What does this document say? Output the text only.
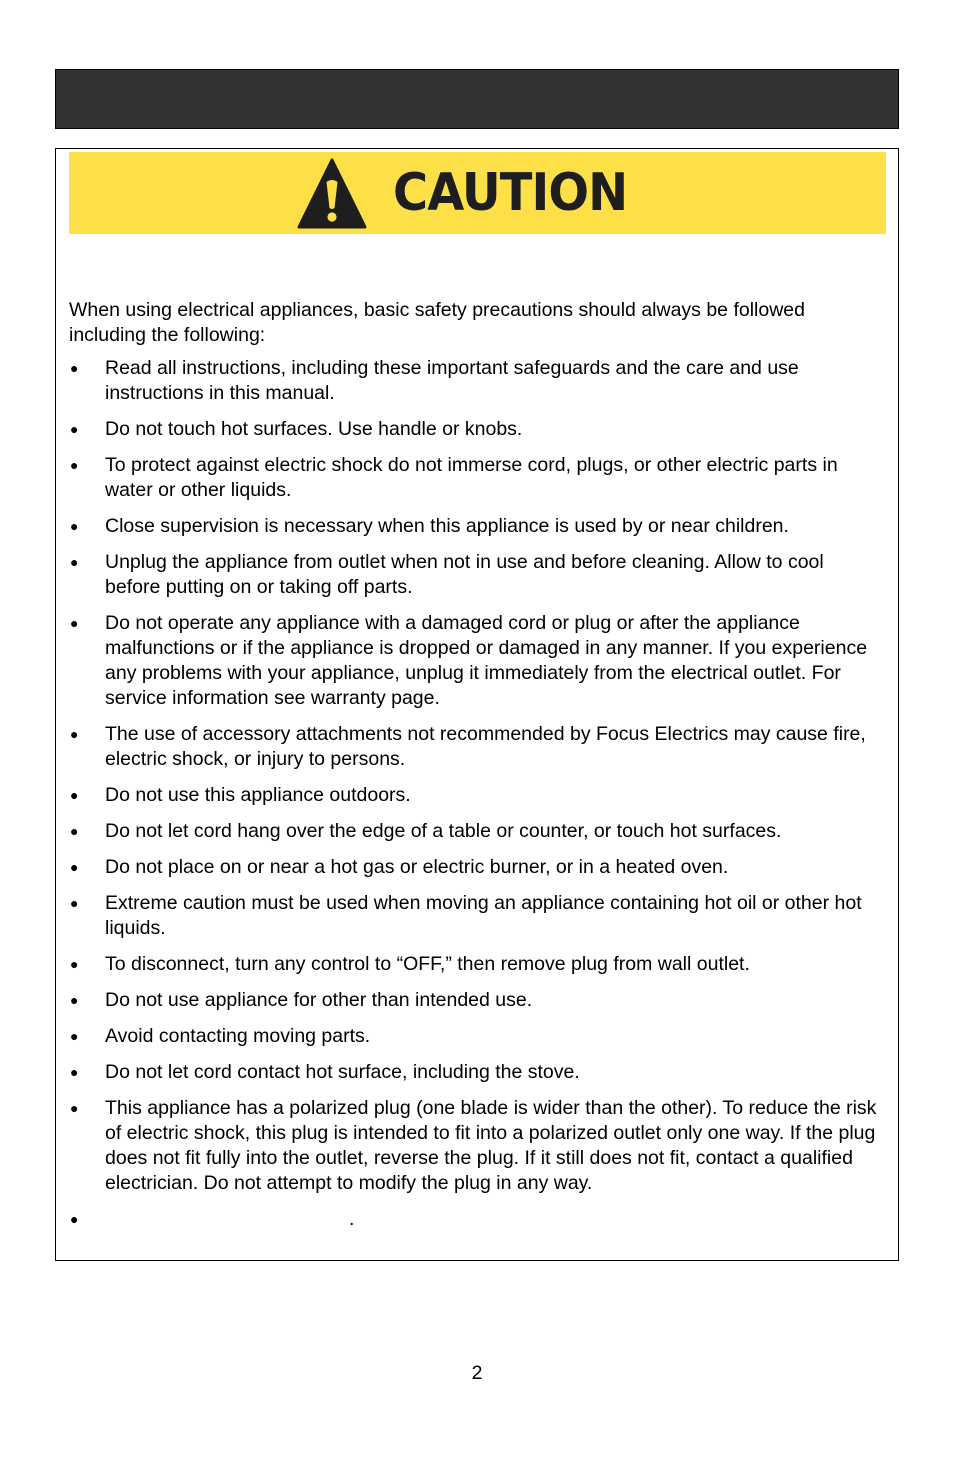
CAUTION
When using electrical appliances, basic safety precautions should always be followed including the following:
●	Read all instructions, including these important safeguards and the care and use instructions in this manual.
●	Do not touch hot surfaces. Use handle or knobs.
●	To protect against electric shock do not immerse cord, plugs, or other electric parts in water or other liquids.
●	Close supervision is necessary when this appliance is used by or near children.
●	Unplug the appliance from outlet when not in use and before cleaning. Allow to cool before putting on or taking off parts.
●	Do not operate any appliance with a damaged cord or plug or after the appliance malfunctions or if the appliance is dropped or damaged in any manner. If you experience any problems with your appliance, unplug it immediately from the electrical outlet. For service information see warranty page.
●	The use of accessory attachments not recommended by Focus Electrics may cause fire, electric shock, or injury to persons.
●	Do not use this appliance outdoors.
●	Do not let cord hang over the edge of a table or counter, or touch hot surfaces.
●	Do not place on or near a hot gas or electric burner, or in a heated oven.
●	Extreme caution must be used when moving an appliance containing hot oil or other hot liquids.
●	To disconnect, turn any control to “OFF,” then remove plug from wall outlet.
●	Do not use appliance for other than intended use.
●	Avoid contacting moving parts.
●	Do not let cord contact hot surface, including the stove.
●	This appliance has a polarized plug (one blade is wider than the other). To reduce the risk of electric shock, this plug is intended to fit into a polarized outlet only one way. If the plug does not fit fully into the outlet, reverse the plug. If it still does not fit, contact a qualified electrician. Do not attempt to modify the plug in any way.
●	.
2
